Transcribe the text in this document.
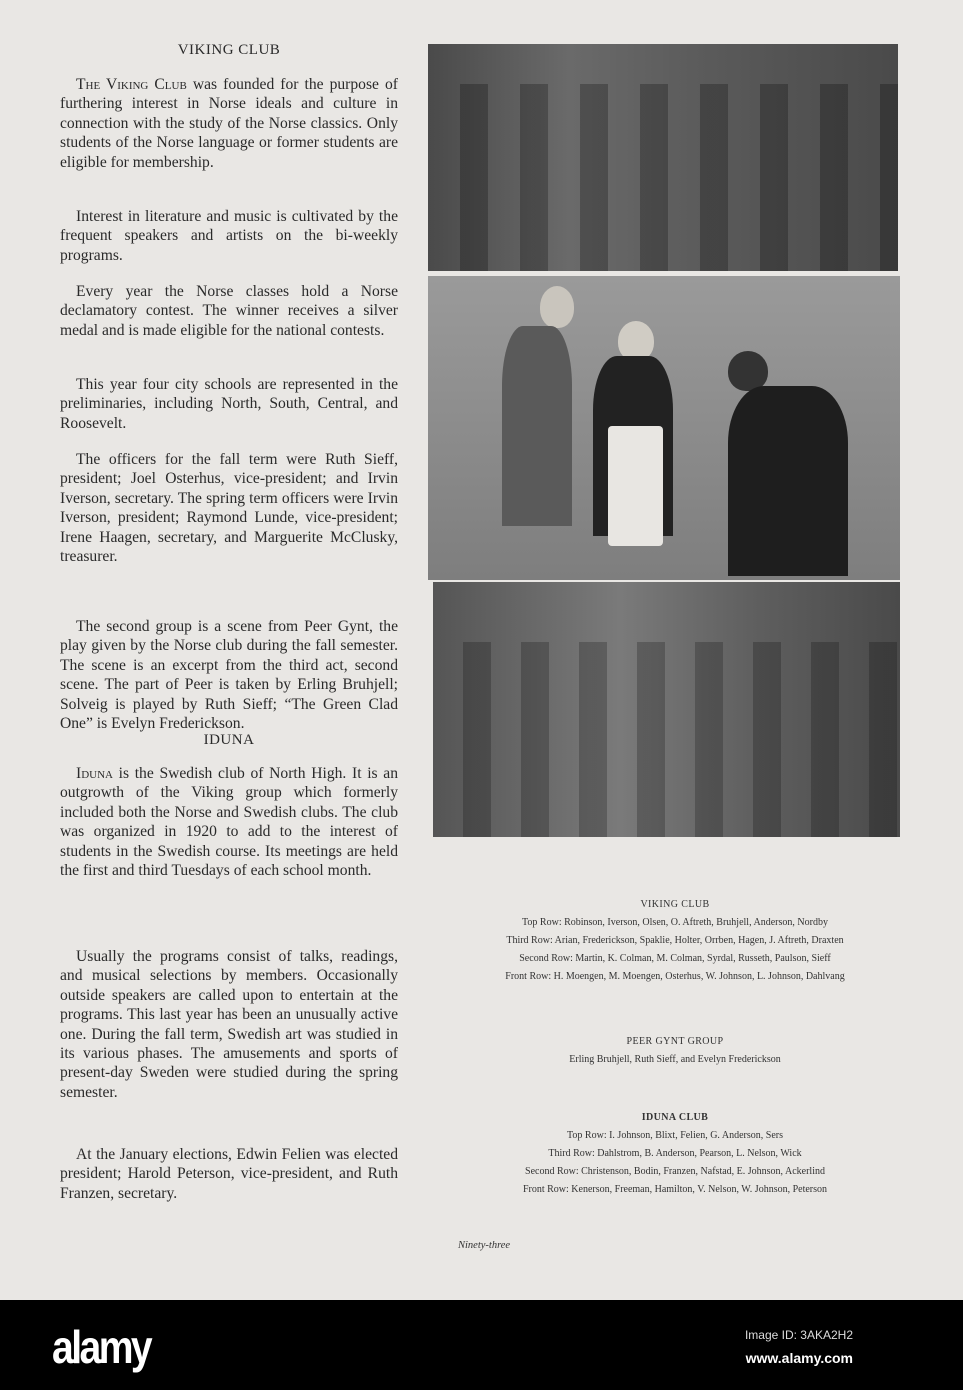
VIKING CLUB
The Viking Club was founded for the purpose of furthering interest in Norse ideals and culture in connection with the study of the Norse classics. Only students of the Norse language or former students are eligible for membership.
Interest in literature and music is cultivated by the frequent speakers and artists on the bi-weekly programs.
Every year the Norse classes hold a Norse declamatory contest. The winner receives a silver medal and is made eligible for the national contests.
This year four city schools are represented in the preliminaries, including North, South, Central, and Roosevelt.
The officers for the fall term were Ruth Sieff, president; Joel Osterhus, vice-president; and Irvin Iverson, secretary. The spring term officers were Irvin Iverson, president; Raymond Lunde, vice-president; Irene Haagen, secretary, and Marguerite McClusky, treasurer.
The second group is a scene from Peer Gynt, the play given by the Norse club during the fall semester. The scene is an excerpt from the third act, second scene. The part of Peer is taken by Erling Bruhjell; Solveig is played by Ruth Sieff; “The Green Clad One” is Evelyn Frederickson.
IDUNA
Iduna is the Swedish club of North High. It is an outgrowth of the Viking group which formerly included both the Norse and Swedish clubs. The club was organized in 1920 to add to the interest of students in the Swedish course. Its meetings are held the first and third Tuesdays of each school month.
Usually the programs consist of talks, readings, and musical selections by members. Occasionally outside speakers are called upon to entertain at the programs. This last year has been an unusually active one. During the fall term, Swedish art was studied in its various phases. The amusements and sports of present-day Sweden were studied during the spring semester.
At the January elections, Edwin Felien was elected president; Harold Peterson, vice-president, and Ruth Franzen, secretary.
VIKING CLUB
Top Row: Robinson, Iverson, Olsen, O. Aftreth, Bruhjell, Anderson, Nordby
Third Row: Arian, Frederickson, Spaklie, Holter, Orrben, Hagen, J. Aftreth, Draxten
Second Row: Martin, K. Colman, M. Colman, Syrdal, Russeth, Paulson, Sieff
Front Row: H. Moengen, M. Moengen, Osterhus, W. Johnson, L. Johnson, Dahlvang
PEER GYNT GROUP
Erling Bruhjell, Ruth Sieff, and Evelyn Frederickson
IDUNA CLUB
Top Row: I. Johnson, Blixt, Felien, G. Anderson, Sers
Third Row: Dahlstrom, B. Anderson, Pearson, L. Nelson, Wick
Second Row: Christenson, Bodin, Franzen, Nafstad, E. Johnson, Ackerlind
Front Row: Kenerson, Freeman, Hamilton, V. Nelson, W. Johnson, Peterson
Ninety-three
alamy	Image ID: 3AKA2H2
www.alamy.com
